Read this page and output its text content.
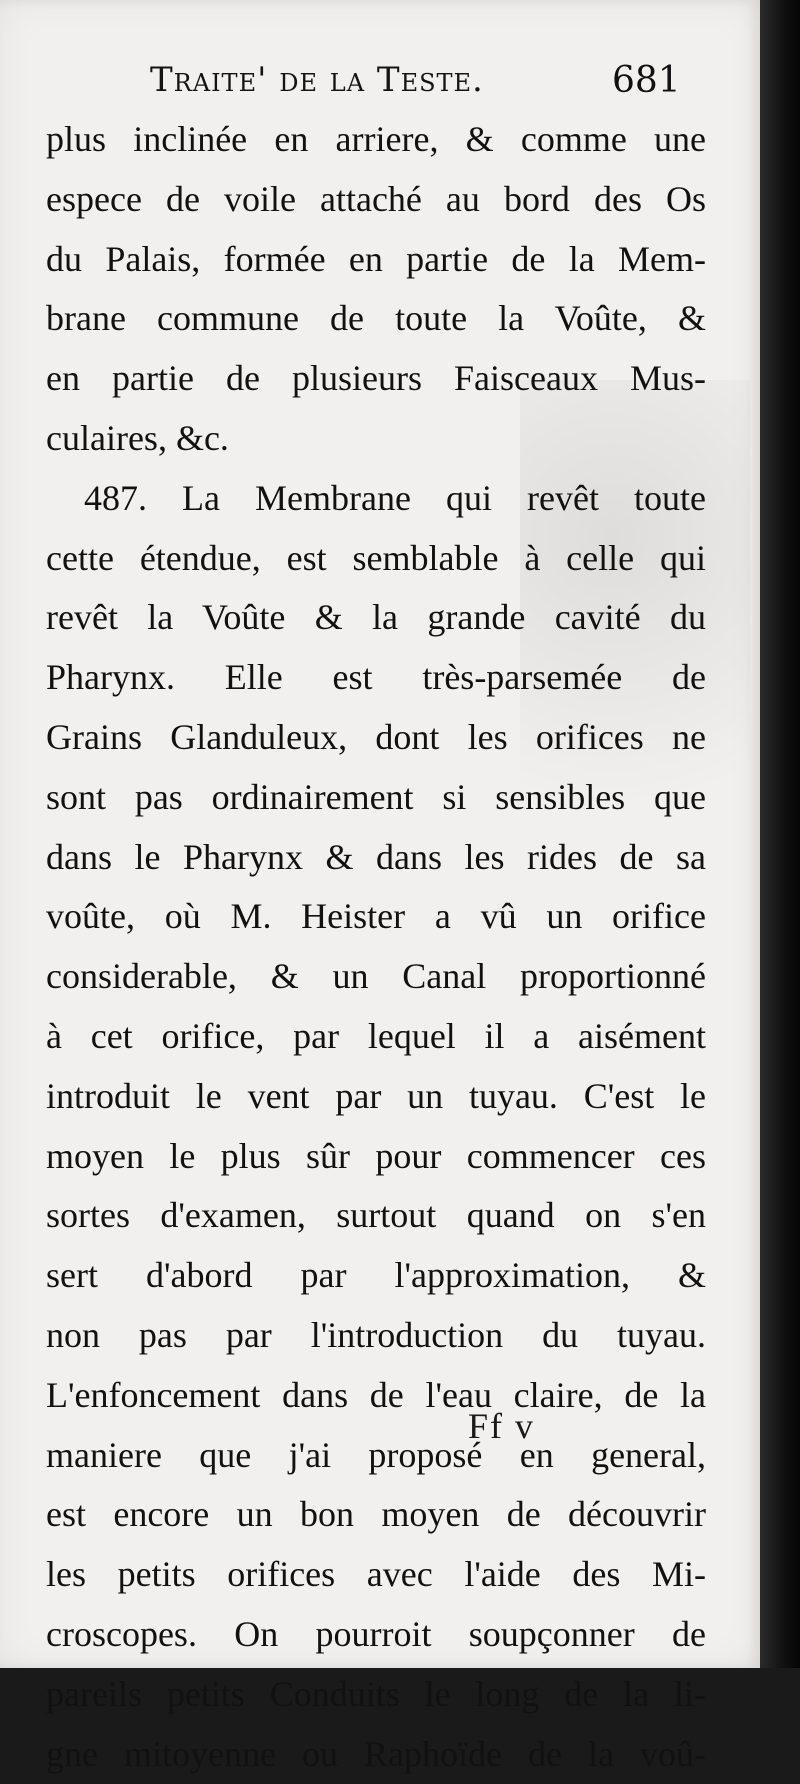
Traite' de la Teste.	681
plus inclinée en arriere, & comme une
espece de voile attaché au bord des Os
du Palais, formée en partie de la Mem-
brane commune de toute la Voûte, &
en partie de plusieurs Faisceaux Mus-
culaires, &c.
487. La Membrane qui revêt toute
cette étendue, est semblable à celle qui
revêt la Voûte & la grande cavité du
Pharynx. Elle est très-parsemée de
Grains Glanduleux, dont les orifices ne
sont pas ordinairement si sensibles que
dans le Pharynx & dans les rides de sa
voûte, où M. Heister a vû un orifice
considerable, & un Canal proportionné
à cet orifice, par lequel il a aisément
introduit le vent par un tuyau. C'est le
moyen le plus sûr pour commencer ces
sortes d'examen, surtout quand on s'en
sert d'abord par l'approximation, &
non pas par l'introduction du tuyau.
L'enfoncement dans de l'eau claire, de la
maniere que j'ai proposé en general,
est encore un bon moyen de découvrir
les petits orifices avec l'aide des Mi-
croscopes. On pourroit soupçonner de
pareils petits Conduits le long de la li-
gne mitoyenne ou Raphoïde de la voû-
Ff v
